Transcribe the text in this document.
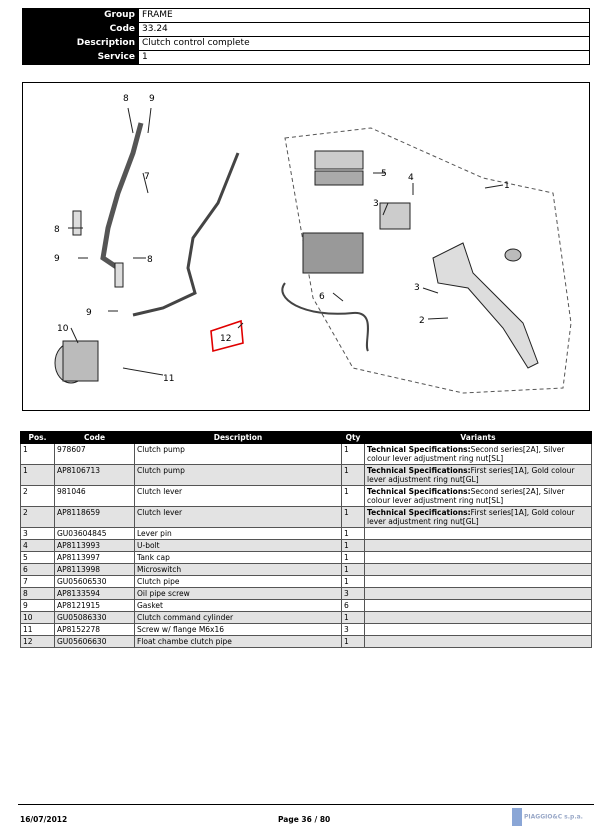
Group	FRAME
Code	33.24
Description	Clutch control complete
Service	1
1
2
3
3
4
5
6
7
8
8
9
9
9
10
11
12
8
Pos.	Code	Description	Qty	Variants
1	978607	Clutch pump	1	Technical Specifications:Second series[2A], Silver colour lever adjustment ring nut[SL]
1	AP8106713	Clutch pump	1	Technical Specifications:First series[1A], Gold colour lever adjustment ring nut[GL]
2	981046	Clutch lever	1	Technical Specifications:Second series[2A], Silver colour lever adjustment ring nut[SL]
2	AP8118659	Clutch lever	1	Technical Specifications:First series[1A], Gold colour lever adjustment ring nut[GL]
3	GU03604845	Lever pin	1	
4	AP8113993	U-bolt	1	
5	AP8113997	Tank cap	1	
6	AP8113998	Microswitch	1	
7	GU05606530	Clutch pipe	1	
8	AP8133594	Oil pipe screw	3	
9	AP8121915	Gasket	6	
10	GU05086330	Clutch command cylinder	1	
11	AP8152278	Screw w/ flange M6x16	3	
12	GU05606630	Float chambe clutch pipe	1	
16/07/2012	Page 36 / 80	PIAGGIO&C s.p.a.
